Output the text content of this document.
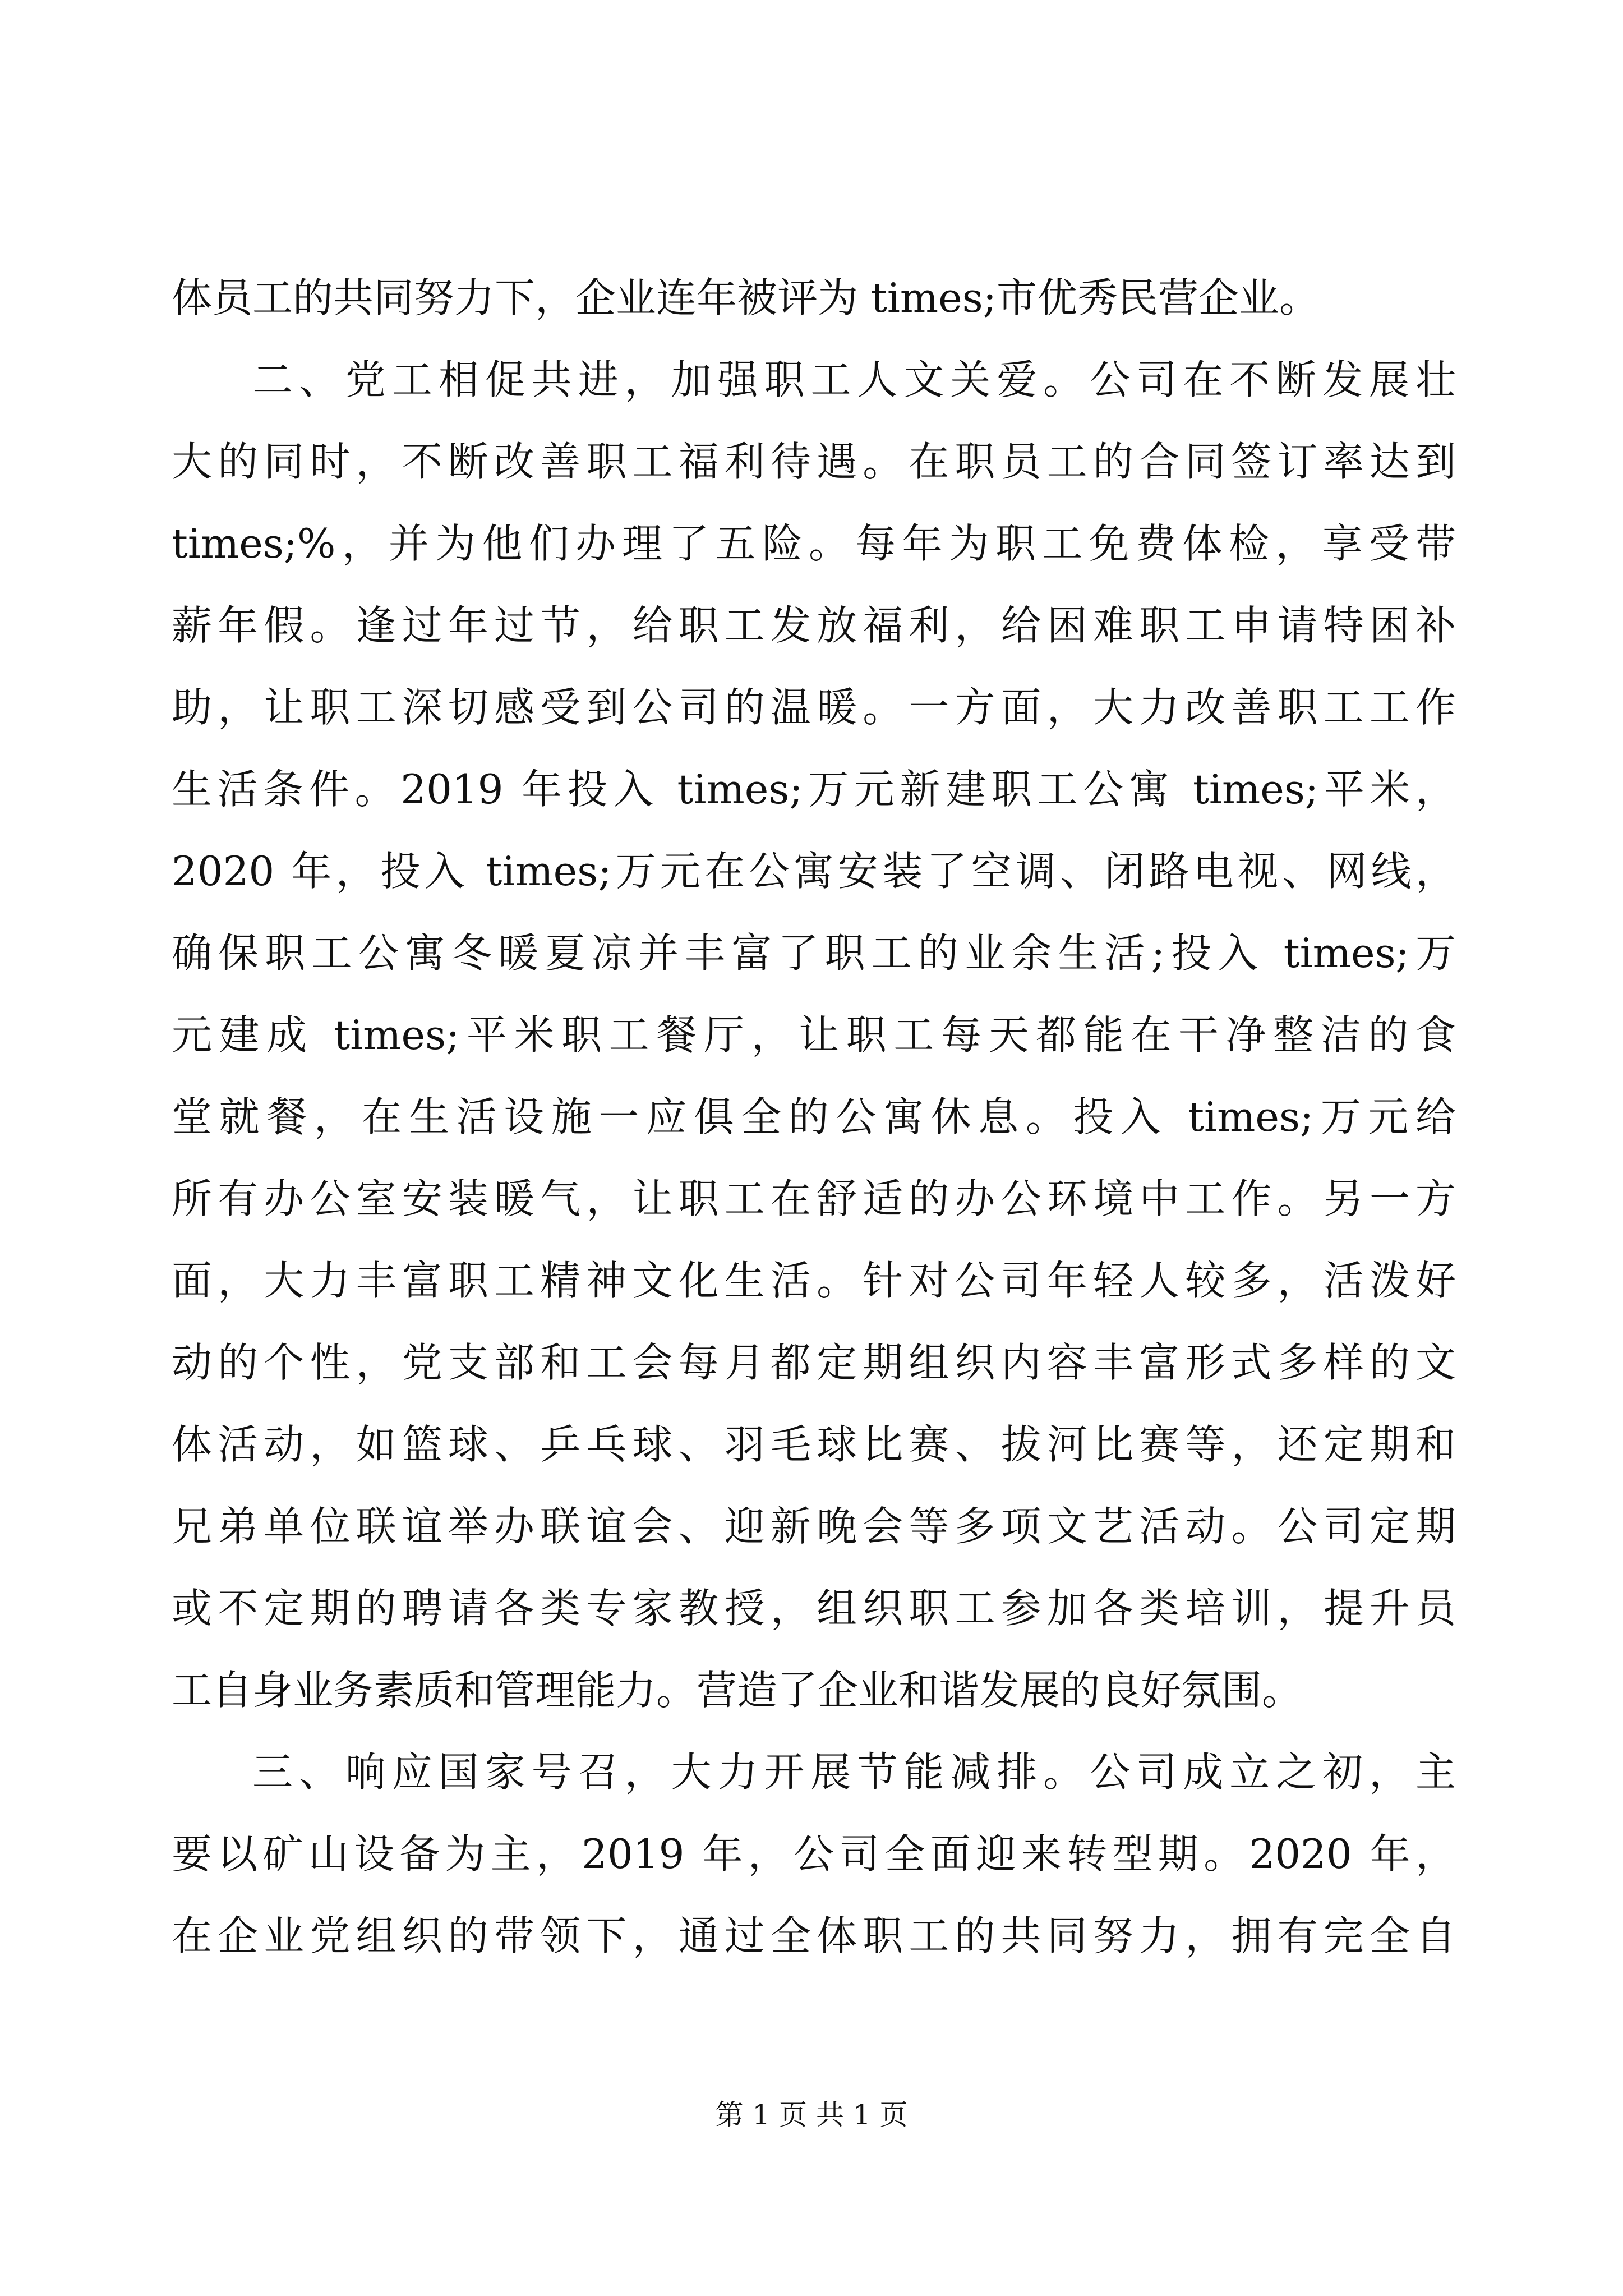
体员工的共同努力下，企业连年被评为 times;市优秀民营企业。
二、党工相促共进，加强职工人文关爱。公司在不断发展壮
大的同时，不断改善职工福利待遇。在职员工的合同签订率达到
times;%，并为他们办理了五险。每年为职工免费体检，享受带
薪年假。逢过年过节，给职工发放福利，给困难职工申请特困补
助，让职工深切感受到公司的温暖。一方面，大力改善职工工作
生活条件。2019 年投入 times;万元新建职工公寓 times;平米，
2020 年，投入 times;万元在公寓安装了空调、闭路电视、网线，
确保职工公寓冬暖夏凉并丰富了职工的业余生活;投入 times;万
元建成 times;平米职工餐厅，让职工每天都能在干净整洁的食
堂就餐，在生活设施一应俱全的公寓休息。投入 times;万元给
所有办公室安装暖气，让职工在舒适的办公环境中工作。另一方
面，大力丰富职工精神文化生活。针对公司年轻人较多，活泼好
动的个性，党支部和工会每月都定期组织内容丰富形式多样的文
体活动，如篮球、乒乓球、羽毛球比赛、拔河比赛等，还定期和
兄弟单位联谊举办联谊会、迎新晚会等多项文艺活动。公司定期
或不定期的聘请各类专家教授，组织职工参加各类培训，提升员
工自身业务素质和管理能力。营造了企业和谐发展的良好氛围。
三、响应国家号召，大力开展节能减排。公司成立之初，主
要以矿山设备为主，2019 年，公司全面迎来转型期。2020 年，
在企业党组织的带领下，通过全体职工的共同努力，拥有完全自
第 1 页 共 1 页
